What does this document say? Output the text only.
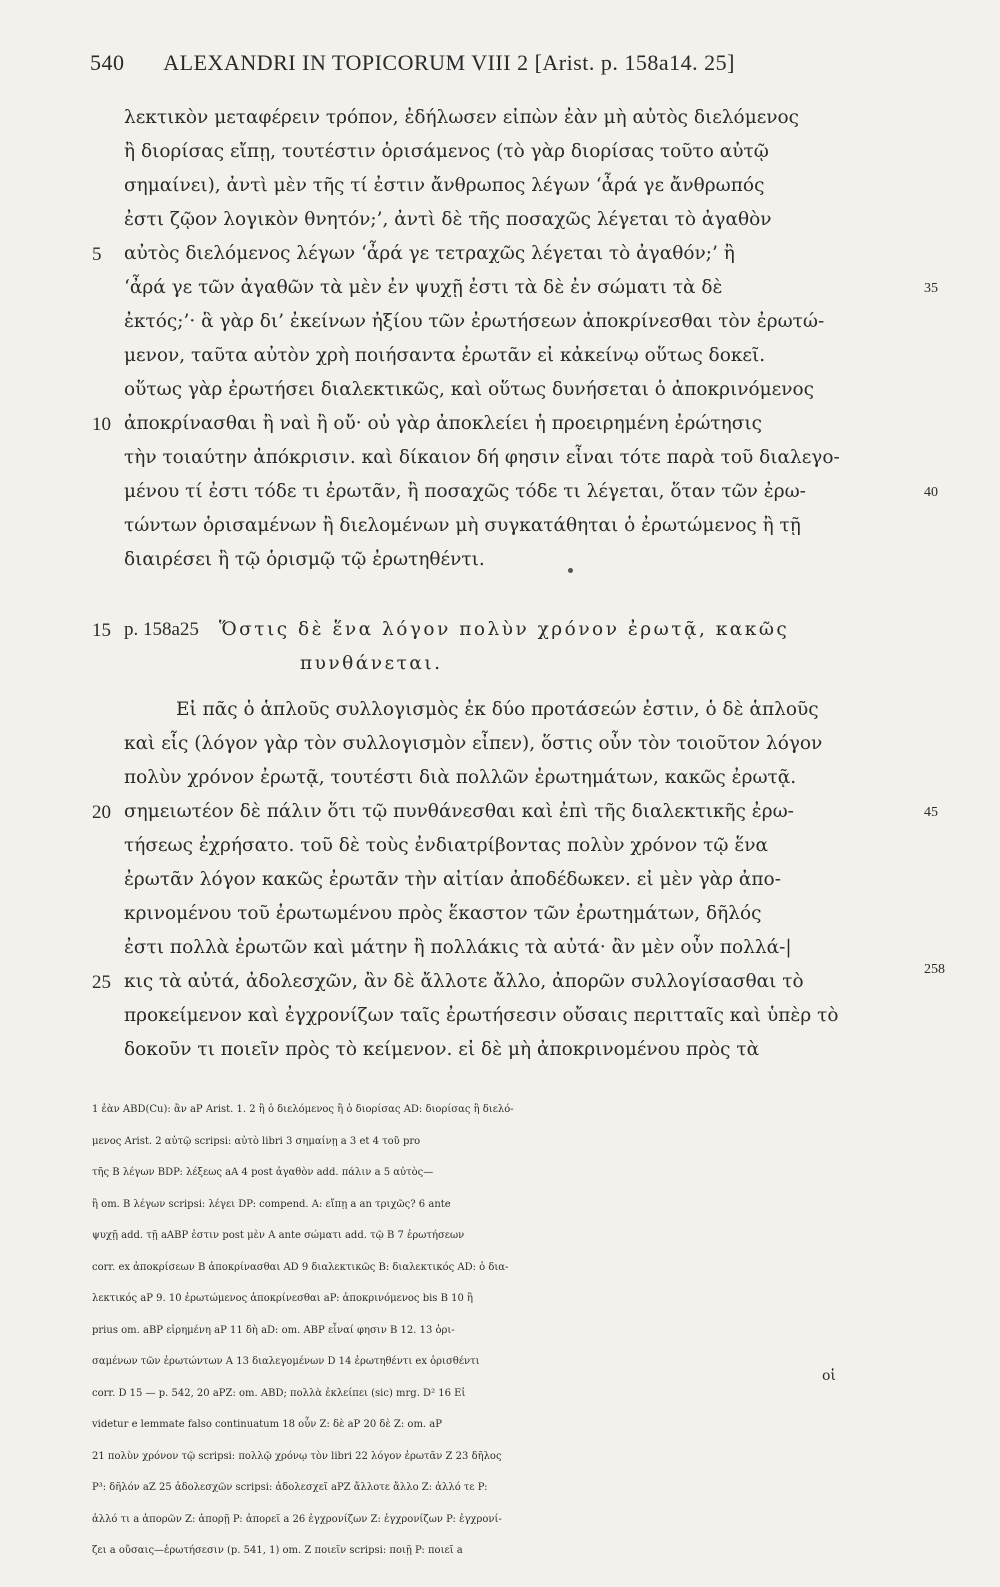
540 ALEXANDRI IN TOPICORUM VIII 2 [Arist. p. 158a14. 25]
λεκτικὸν μεταφέρειν τρόπον, ἐδήλωσεν εἰπὼν ἐὰν μὴ αὐτὸς διελόμενος
ἢ διορίσας εἴπῃ, τουτέστιν ὁρισάμενος (τὸ γὰρ διορίσας τοῦτο αὐτῷ
σημαίνει), ἀντὶ μὲν τῆς τί ἐστιν ἄνθρωπος λέγων ‘ἆρά γε ἄνθρωπός
ἐστι ζῷον λογικὸν θνητόν;’, ἀντὶ δὲ τῆς ποσαχῶς λέγεται τὸ ἀγαθὸν
αὐτὸς διελόμενος λέγων ‘ἆρά γε τετραχῶς λέγεται τὸ ἀγαθόν;’ ἢ
‘ἆρά γε τῶν ἀγαθῶν τὰ μὲν ἐν ψυχῇ ἐστι τὰ δὲ ἐν σώματι τὰ δὲ
ἐκτός;’· ἃ γὰρ δι’ ἐκείνων ἠξίου τῶν ἐρωτήσεων ἀποκρίνεσθαι τὸν ἐρωτώ-
μενον, ταῦτα αὐτὸν χρὴ ποιήσαντα ἐρωτᾶν εἰ κἀκείνῳ οὕτως δοκεῖ.
οὕτως γὰρ ἐρωτήσει διαλεκτικῶς, καὶ οὕτως δυνήσεται ὁ ἀποκρινόμενος
ἀποκρίνασθαι ἢ ναὶ ἢ οὔ· οὐ γὰρ ἀποκλείει ἡ προειρημένη ἐρώτησις
τὴν τοιαύτην ἀπόκρισιν. καὶ δίκαιον δή φησιν εἶναι τότε παρὰ τοῦ διαλεγο-
μένου τί ἐστι τόδε τι ἐρωτᾶν, ἢ ποσαχῶς τόδε τι λέγεται, ὅταν τῶν ἐρω-
τώντων ὁρισαμένων ἢ διελομένων μὴ συγκατάθηται ὁ ἐρωτώμενος ἢ τῇ
διαιρέσει ἢ τῷ ὁρισμῷ τῷ ἐρωτηθέντι.
p. 158a25 Ὅστις δὲ ἕνα λόγον πολὺν χρόνον ἐρωτᾷ, κακῶς
πυνθάνεται.
Εἰ πᾶς ὁ ἁπλοῦς συλλογισμὸς ἐκ δύο προτάσεών ἐστιν, ὁ δὲ ἁπλοῦς
καὶ εἷς (λόγον γὰρ τὸν συλλογισμὸν εἶπεν), ὅστις οὖν τὸν τοιοῦτον λόγον
πολὺν χρόνον ἐρωτᾷ, τουτέστι διὰ πολλῶν ἐρωτημάτων, κακῶς ἐρωτᾷ.
σημειωτέον δὲ πάλιν ὅτι τῷ πυνθάνεσθαι καὶ ἐπὶ τῆς διαλεκτικῆς ἐρω-
τήσεως ἐχρήσατο. τοῦ δὲ τοὺς ἐνδιατρίβοντας πολὺν χρόνον τῷ ἕνα
ἐρωτᾶν λόγον κακῶς ἐρωτᾶν τὴν αἰτίαν ἀποδέδωκεν. εἰ μὲν γὰρ ἀπο-
κρινομένου τοῦ ἐρωτωμένου πρὸς ἕκαστον τῶν ἐρωτημάτων, δῆλός
ἐστι πολλὰ ἐρωτῶν καὶ μάτην ἢ πολλάκις τὰ αὐτά· ἂν μὲν οὖν πολλά-|
κις τὰ αὐτά, ἀδολεσχῶν, ἂν δὲ ἄλλοτε ἄλλο, ἀπορῶν συλλογίσασθαι τὸ
προκείμενον καὶ ἐγχρονίζων ταῖς ἐρωτήσεσιν οὔσαις περιτταῖς καὶ ὑπὲρ τὸ
δοκοῦν τι ποιεῖν πρὸς τὸ κείμενον. εἰ δὲ μὴ ἀποκρινομένου πρὸς τὰ
5
10
15
20
25
35
40
45
258
1 ἐὰν ABD(Cu): ἂν aP Arist. 1. 2 ἢ ὁ διελόμενος ἢ ὁ διορίσας AD: διορίσας ἢ διελό-
μενος Arist. 2 αὐτῷ scripsi: αὐτὸ libri 3 σημαίνῃ a 3 et 4 τοῦ pro
τῆς B λέγων BDP: λέξεως aA 4 post ἀγαθὸν add. πάλιν a 5 αὐτὸς—
ἢ om. B λέγων scripsi: λέγει DP: compend. A: εἴπῃ a an τριχῶς? 6 ante
ψυχῇ add. τῇ aABP ἐστιν post μὲν A ante σώματι add. τῷ B 7 ἐρωτήσεων
corr. ex ἀποκρίσεων B ἀποκρίνασθαι AD 9 διαλεκτικῶς B: διαλεκτικός AD: ὁ δια-
λεκτικός aP 9. 10 ἐρωτώμενος ἀποκρίνεσθαι aP: ἀποκρινόμενος bis B 10 ἢ
prius om. aBP εἰρημένη aP 11 δὴ aD: om. ABP εἶναί φησιν B 12. 13 ὁρι-
σαμένων τῶν ἐρωτώντων A 13 διαλεγομένων D 14 ἐρωτηθέντι ex ὁρισθέντι
οἱ
corr. D 15 — p. 542, 20 aPZ: om. ABD; πολλὰ ἐκλείπει (sic) mrg. D² 16 Εἰ
videtur e lemmate falso continuatum 18 οὖν Z: δὲ aP 20 δὲ Z: om. aP
21 πολὺν χρόνον τῷ scripsi: πολλῷ χρόνῳ τὸν libri 22 λόγον ἐρωτᾶν Z 23 δῆλος
P³: δῆλόν aZ 25 ἀδολεσχῶν scripsi: ἀδολεσχεῖ aPZ ἄλλοτε ἄλλο Z: ἀλλό τε P:
ἀλλό τι a ἀπορῶν Z: ἀπορῇ P: ἀπορεῖ a 26 ἐγχρονίζων Z: ἐγχρονίζων P: ἐγχρονί-
ζει a οὔσαις—ἐρωτήσεσιν (p. 541, 1) om. Z ποιεῖν scripsi: ποιῇ P: ποιεῖ a
